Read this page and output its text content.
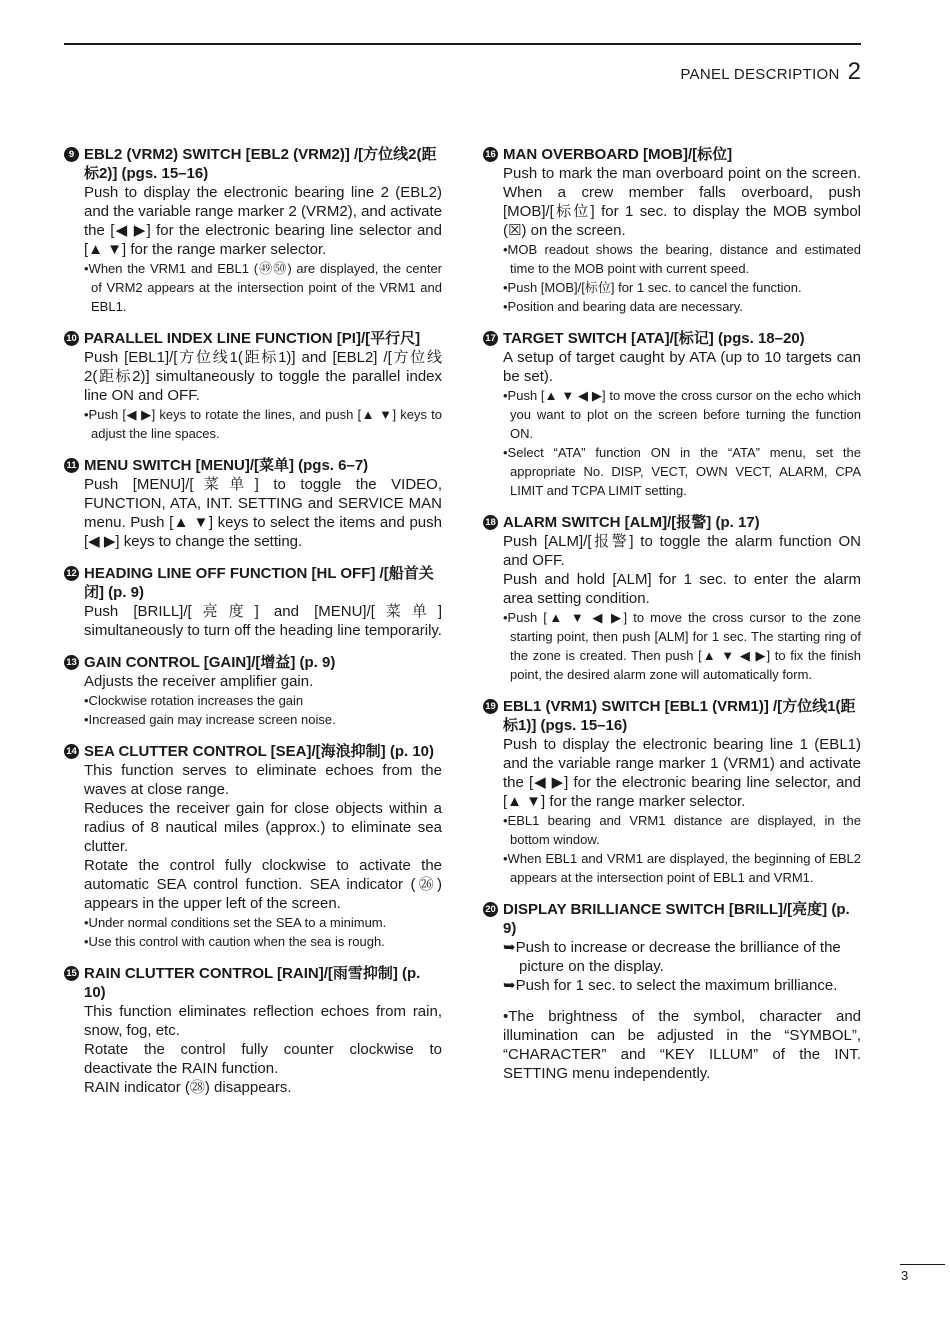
PANEL DESCRIPTION 2
9 EBL2 (VRM2) SWITCH [EBL2 (VRM2)] /[方位线2(距标2)] (pgs. 15–16)
Push to display the electronic bearing line 2 (EBL2) and the variable range marker 2 (VRM2), and activate the [◀ ▶] for the electronic bearing line selector and [▲ ▼] for the range marker selector.
•When the VRM1 and EBL1 (㊾㊿) are displayed, the center of VRM2 appears at the intersection point of the VRM1 and EBL1.
10 PARALLEL INDEX LINE FUNCTION [PI]/[平行尺]
Push [EBL1]/[方位线1(距标1)] and [EBL2] /[方位线2(距标2)] simultaneously to toggle the parallel index line ON and OFF.
•Push [◀ ▶] keys to rotate the lines, and push [▲ ▼] keys to adjust the line spaces.
11 MENU SWITCH [MENU]/[菜单] (pgs. 6–7)
Push [MENU]/[菜单] to toggle the VIDEO, FUNCTION, ATA, INT. SETTING and SERVICE MAN menu. Push [▲ ▼] keys to select the items and push [◀ ▶] keys to change the setting.
12 HEADING LINE OFF FUNCTION [HL OFF] /[船首关闭] (p. 9)
Push [BRILL]/[亮度] and [MENU]/[菜单] simultaneously to turn off the heading line temporarily.
13 GAIN CONTROL [GAIN]/[增益] (p. 9)
Adjusts the receiver amplifier gain.
•Clockwise rotation increases the gain
•Increased gain may increase screen noise.
14 SEA CLUTTER CONTROL [SEA]/[海浪抑制] (p. 10)
This function serves to eliminate echoes from the waves at close range.
Reduces the receiver gain for close objects within a radius of 8 nautical miles (approx.) to eliminate sea clutter.
Rotate the control fully clockwise to activate the automatic SEA control function. SEA indicator (㉖) appears in the upper left of the screen.
•Under normal conditions set the SEA to a minimum.
•Use this control with caution when the sea is rough.
15 RAIN CLUTTER CONTROL [RAIN]/[雨雪抑制] (p. 10)
This function eliminates reflection echoes from rain, snow, fog, etc.
Rotate the control fully counter clockwise to deactivate the RAIN function.
RAIN indicator (㉘) disappears.
16 MAN OVERBOARD [MOB]/[标位]
Push to mark the man overboard point on the screen. When a crew member falls overboard, push [MOB]/[标位] for 1 sec. to display the MOB symbol (☒) on the screen.
•MOB readout shows the bearing, distance and estimated time to the MOB point with current speed.
•Push [MOB]/[标位] for 1 sec. to cancel the function.
•Position and bearing data are necessary.
17 TARGET SWITCH [ATA]/[标记] (pgs. 18–20)
A setup of target caught by ATA (up to 10 targets can be set).
•Push [▲ ▼ ◀ ▶] to move the cross cursor on the echo which you want to plot on the screen before turning the function ON.
•Select “ATA” function ON in the “ATA” menu, set the appropriate No. DISP, VECT, OWN VECT, ALARM, CPA LIMIT and TCPA LIMIT setting.
18 ALARM SWITCH [ALM]/[报警] (p. 17)
Push [ALM]/[报警] to toggle the alarm function ON and OFF.
Push and hold [ALM] for 1 sec. to enter the alarm area setting condition.
•Push [▲ ▼ ◀ ▶] to move the cross cursor to the zone starting point, then push [ALM] for 1 sec. The starting ring of the zone is created. Then push [▲ ▼ ◀ ▶] to fix the finish point, the desired alarm zone will automatically form.
19 EBL1 (VRM1) SWITCH [EBL1 (VRM1)] /[方位线1(距标1)] (pgs. 15–16)
Push to display the electronic bearing line 1 (EBL1) and the variable range marker 1 (VRM1) and activate the [◀ ▶] for the electronic bearing line selector, and [▲ ▼] for the range marker selector.
•EBL1 bearing and VRM1 distance are displayed, in the bottom window.
•When EBL1 and VRM1 are displayed, the beginning of EBL2 appears at the intersection point of EBL1 and VRM1.
20 DISPLAY BRILLIANCE SWITCH [BRILL]/[亮度] (p. 9)
➥Push to increase or decrease the brilliance of the picture on the display.
➥Push for 1 sec. to select the maximum brilliance.
•The brightness of the symbol, character and illumination can be adjusted in the “SYMBOL”, “CHARACTER” and “KEY ILLUM” of the INT. SETTING menu independently.
3
